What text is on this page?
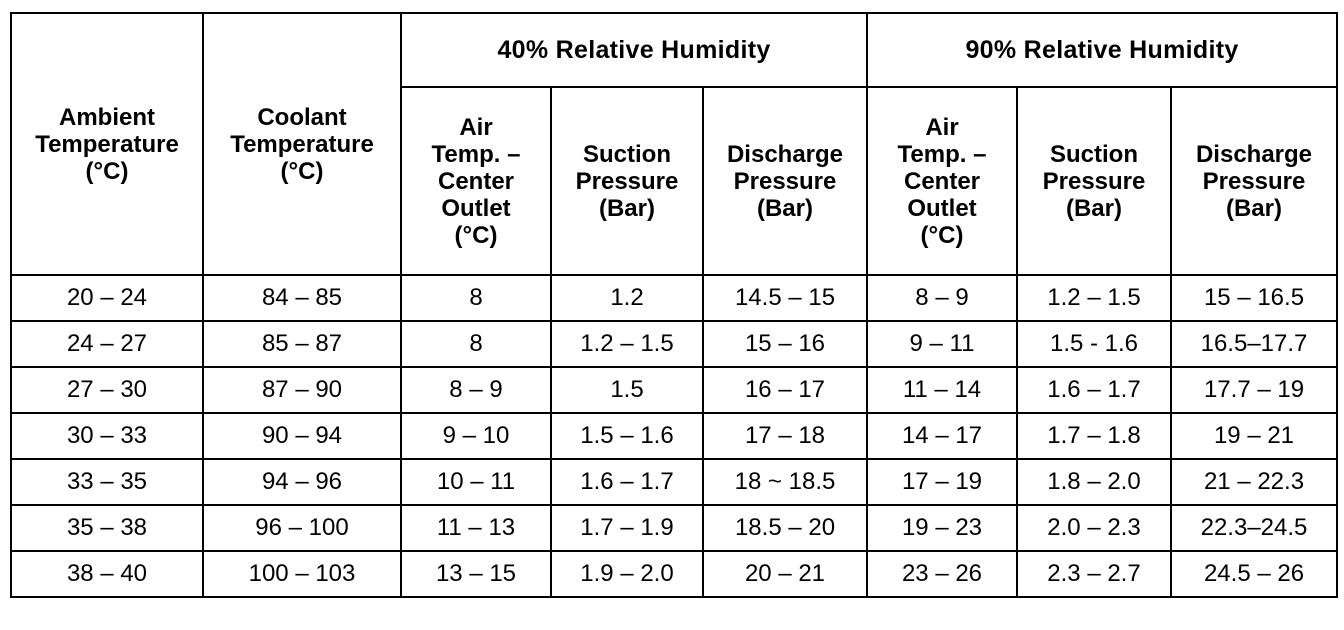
Ambient
Temperature
(°C)	Coolant
Temperature
(°C)	40% Relative Humidity			90% Relative Humidity		

		Air
Temp. –
Center
Outlet
(°C)	Suction
Pressure
(Bar)	Discharge
Pressure
(Bar)	Air
Temp. –
Center
Outlet
(°C)	Suction
Pressure
(Bar)	Discharge
Pressure
(Bar)

20 – 24	84 – 85	8	1.2	14.5 – 15	8 – 9	1.2 – 1.5	15 – 16.5
24 – 27	85 – 87	8	1.2 – 1.5	15 – 16	9 – 11	1.5 - 1.6	16.5–17.7
27 – 30	87 – 90	8 – 9	1.5	16 – 17	11 – 14	1.6 – 1.7	17.7 – 19
30 – 33	90 – 94	9 – 10	1.5 – 1.6	17 – 18	14 – 17	1.7 – 1.8	19 – 21
33 – 35	94 – 96	10 – 11	1.6 – 1.7	18 ~ 18.5	17 – 19	1.8 – 2.0	21 – 22.3
35 – 38	96 – 100	11 – 13	1.7 – 1.9	18.5 – 20	19 – 23	2.0 – 2.3	22.3–24.5
38 – 40	100 – 103	13 – 15	1.9 – 2.0	20 – 21	23 – 26	2.3 – 2.7	24.5 – 26
